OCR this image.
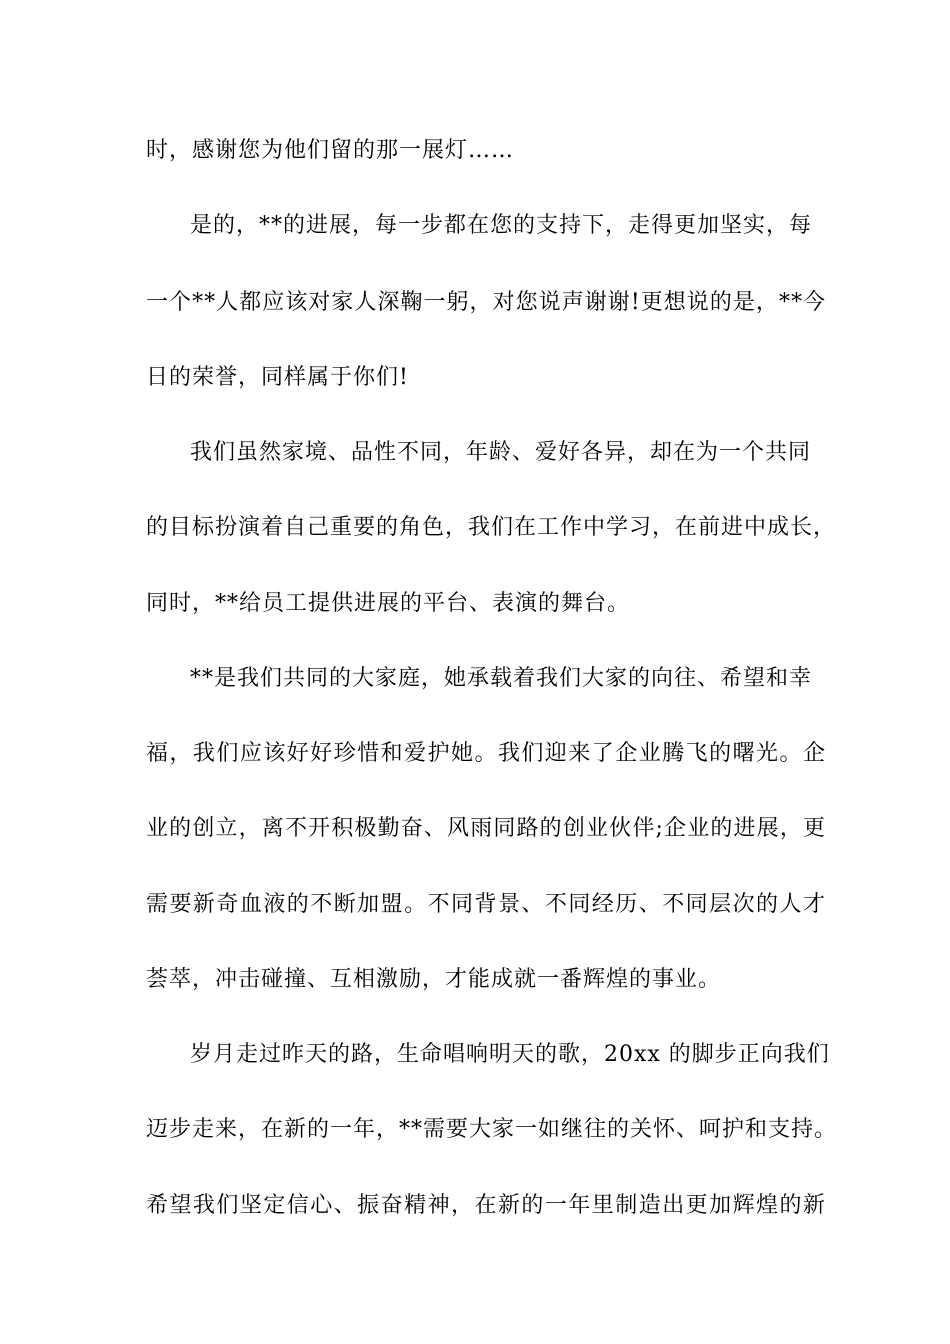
时，感谢您为他们留的那一展灯……
是的，**的进展，每一步都在您的支持下，走得更加坚实，每
一个**人都应该对家人深鞠一躬，对您说声谢谢!更想说的是，**今
日的荣誉，同样属于你们!
我们虽然家境、品性不同，年龄、爱好各异，却在为一个共同
的目标扮演着自己重要的角色，我们在工作中学习，在前进中成长，
同时，**给员工提供进展的平台、表演的舞台。
**是我们共同的大家庭，她承载着我们大家的向往、希望和幸
福，我们应该好好珍惜和爱护她。我们迎来了企业腾飞的曙光。企
业的创立，离不开积极勤奋、风雨同路的创业伙伴;企业的进展，更
需要新奇血液的不断加盟。不同背景、不同经历、不同层次的人才
荟萃，冲击碰撞、互相激励，才能成就一番辉煌的事业。
岁月走过昨天的路，生命唱响明天的歌，20xx 的脚步正向我们
迈步走来，在新的一年，**需要大家一如继往的关怀、呵护和支持。
希望我们坚定信心、振奋精神，在新的一年里制造出更加辉煌的新
